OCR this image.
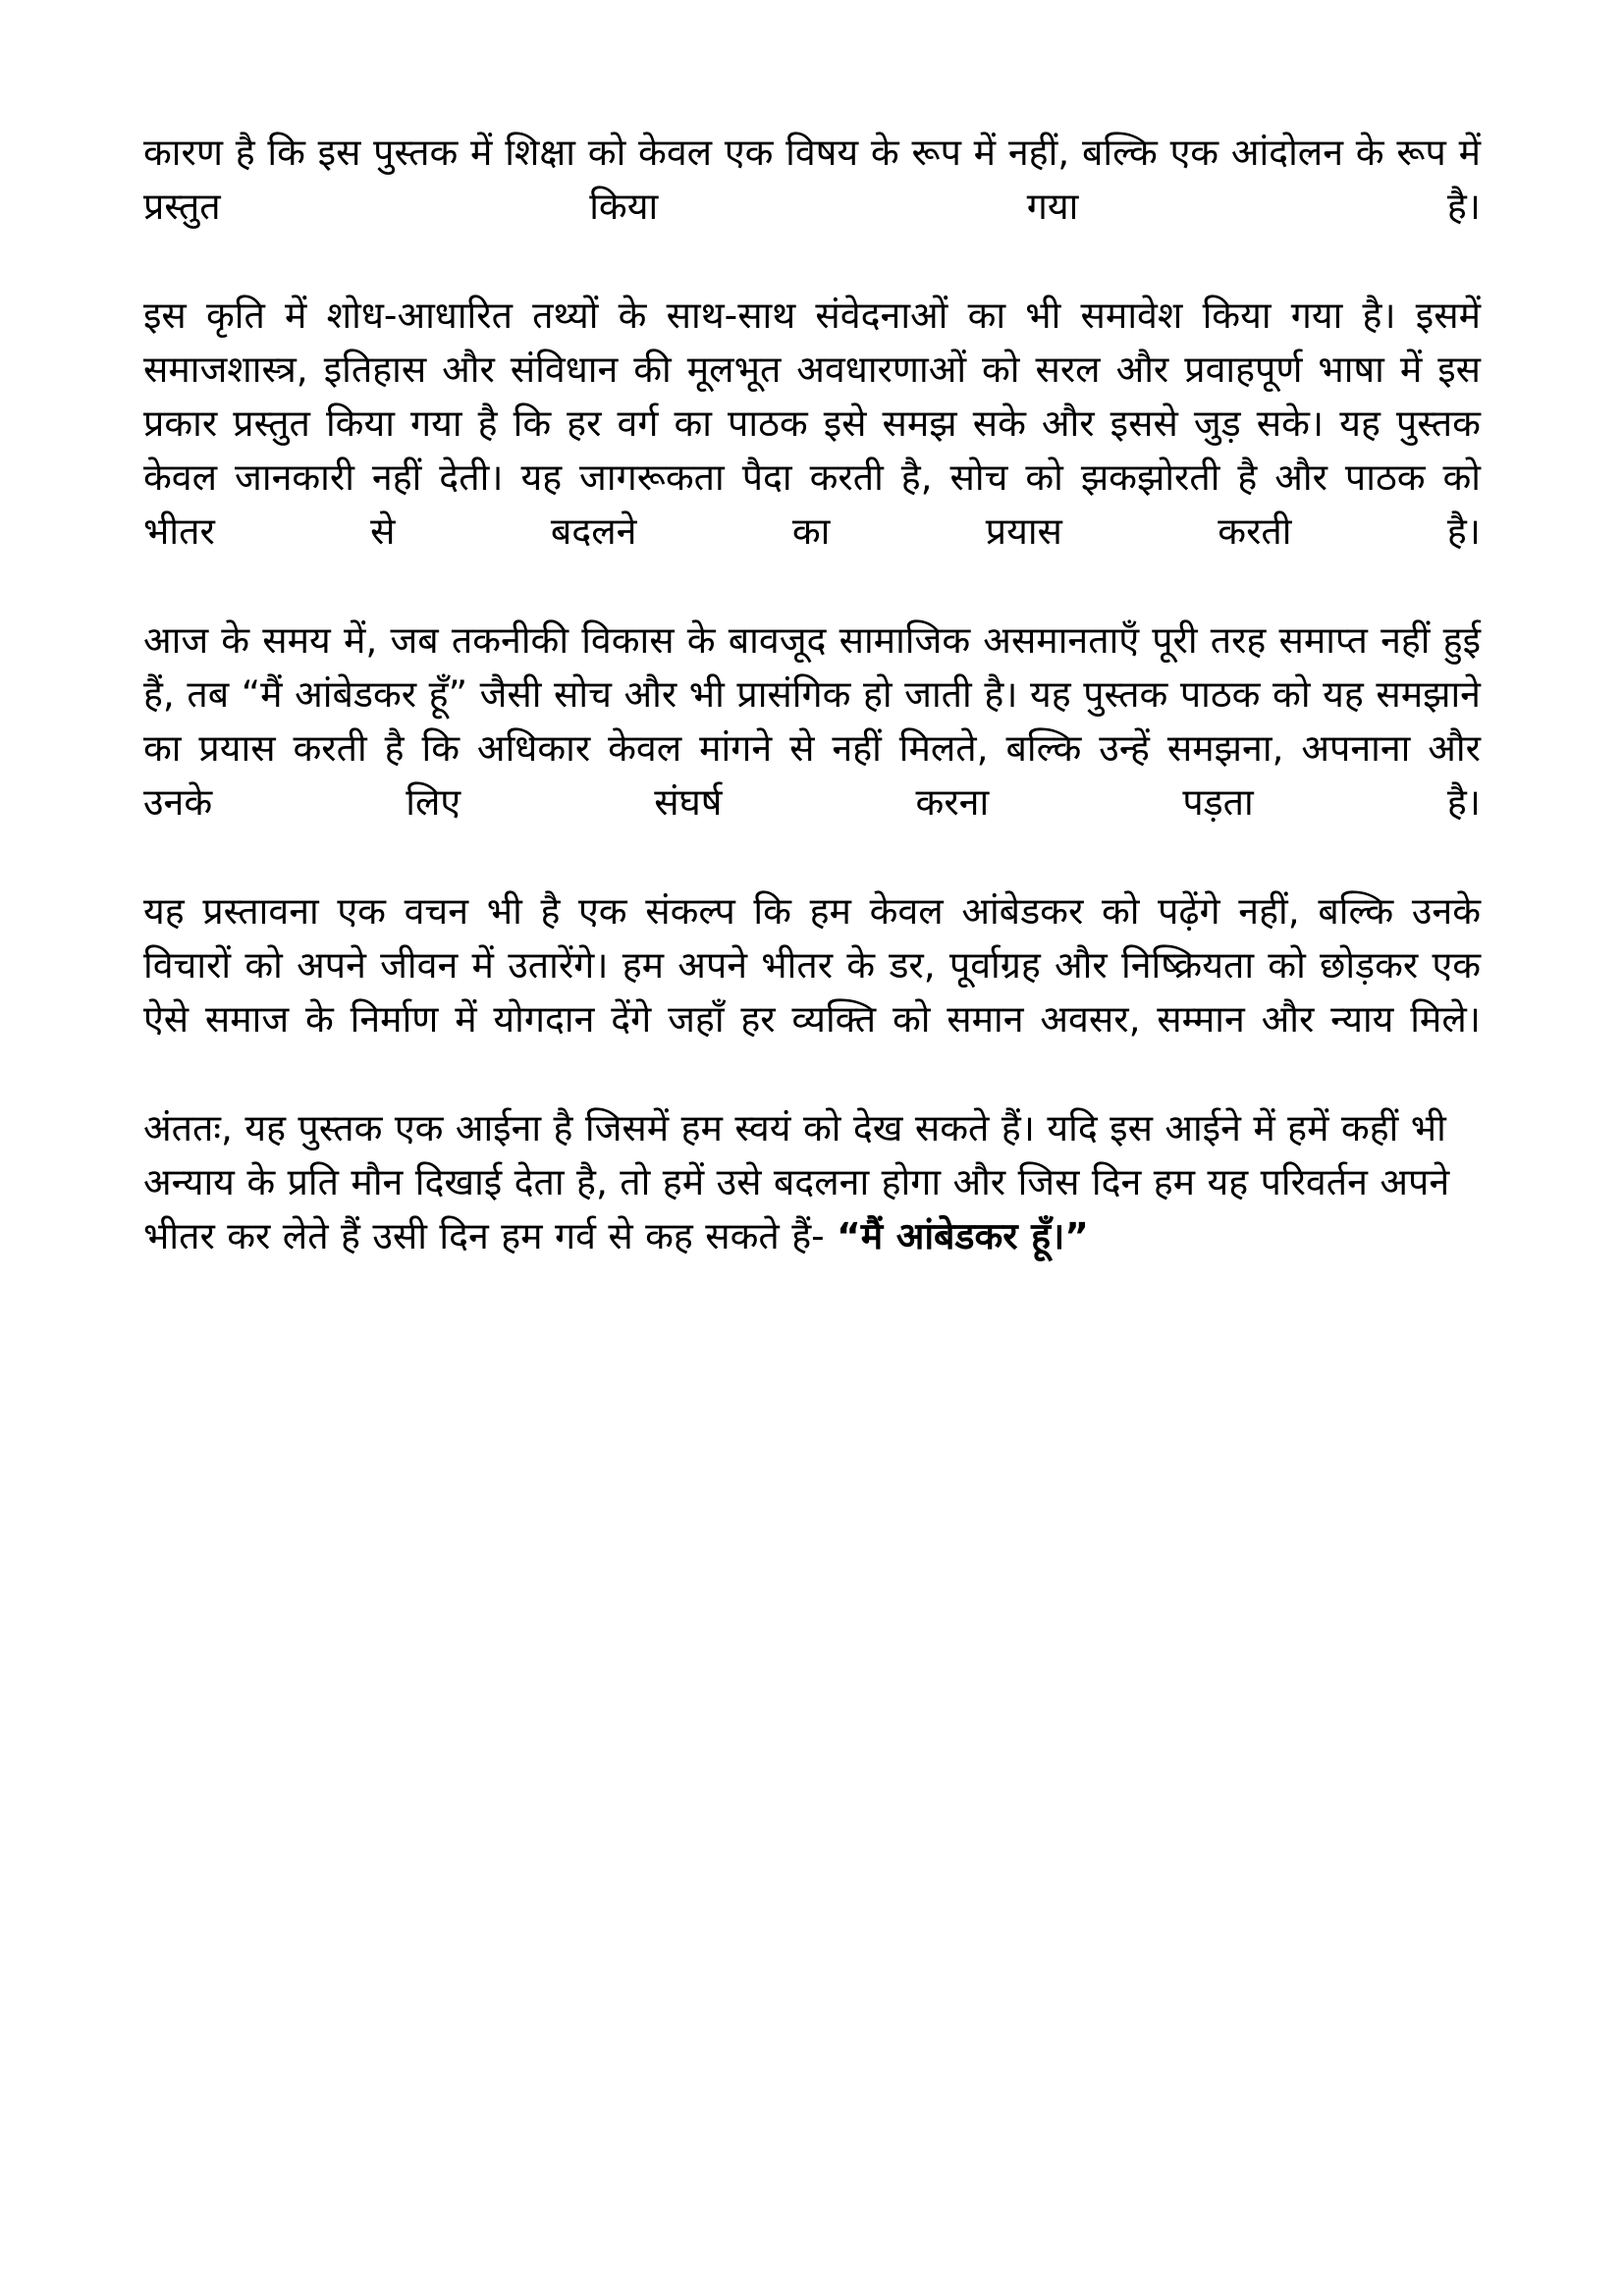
कारण है कि इस पुस्तक में शिक्षा को केवल एक विषय के रूप में नहीं, बल्कि एक आंदोलन के रूप में प्रस्तुत किया गया है।

इस कृति में शोध-आधारित तथ्यों के साथ-साथ संवेदनाओं का भी समावेश किया गया है। इसमें समाजशास्त्र, इतिहास और संविधान की मूलभूत अवधारणाओं को सरल और प्रवाहपूर्ण भाषा में इस प्रकार प्रस्तुत किया गया है कि हर वर्ग का पाठक इसे समझ सके और इससे जुड़ सके। यह पुस्तक केवल जानकारी नहीं देती। यह जागरूकता पैदा करती है, सोच को झकझोरती है और पाठक को भीतर से बदलने का प्रयास करती है।

आज के समय में, जब तकनीकी विकास के बावजूद सामाजिक असमानताएँ पूरी तरह समाप्त नहीं हुई हैं, तब “मैं आंबेडकर हूँ” जैसी सोच और भी प्रासंगिक हो जाती है। यह पुस्तक पाठक को यह समझाने का प्रयास करती है कि अधिकार केवल मांगने से नहीं मिलते, बल्कि उन्हें समझना, अपनाना और उनके लिए संघर्ष करना पड़ता है।

यह प्रस्तावना एक वचन भी है एक संकल्प कि हम केवल आंबेडकर को पढ़ेंगे नहीं, बल्कि उनके विचारों को अपने जीवन में उतारेंगे। हम अपने भीतर के डर, पूर्वाग्रह और निष्क्रियता को छोड़कर एक ऐसे समाज के निर्माण में योगदान देंगे जहाँ हर व्यक्ति को समान अवसर, सम्मान और न्याय मिले।

अंततः, यह पुस्तक एक आईना है जिसमें हम स्वयं को देख सकते हैं। यदि इस आईने में हमें कहीं भी अन्याय के प्रति मौन दिखाई देता है, तो हमें उसे बदलना होगा और जिस दिन हम यह परिवर्तन अपने भीतर कर लेते हैं उसी दिन हम गर्व से कह सकते हैं- “मैं आंबेडकर हूँ।”
